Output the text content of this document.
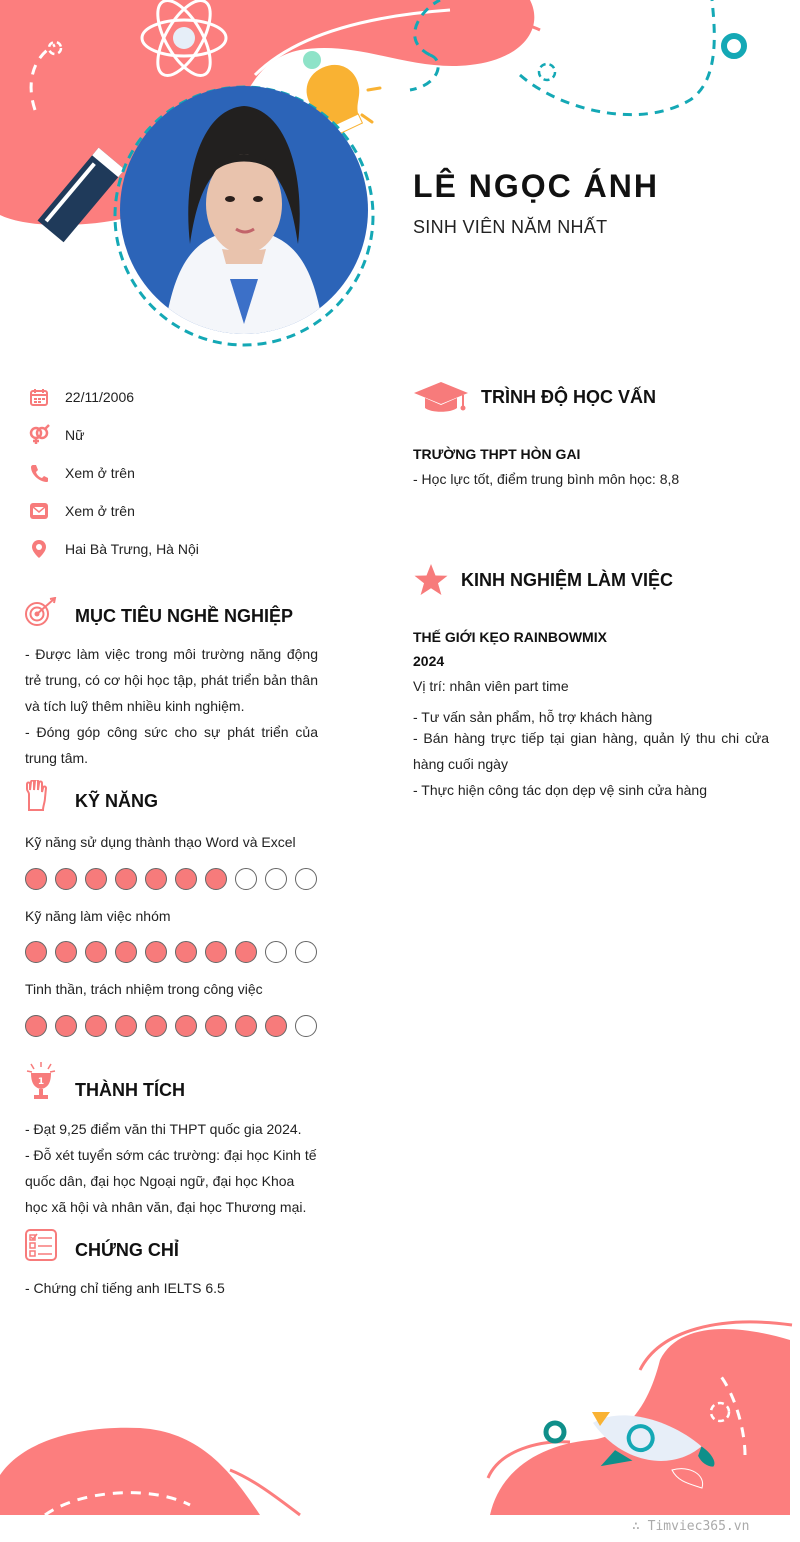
LÊ NGỌC ÁNH
SINH VIÊN NĂM NHẤT
22/11/2006
Nữ
Xem ở trên
Xem ở trên
Hai Bà Trưng, Hà Nội
MỤC TIÊU NGHỀ NGHIỆP
- Được làm việc trong môi trường năng động trẻ trung, có cơ hội học tập, phát triển bản thân và tích luỹ thêm nhiều kinh nghiệm.
- Đóng góp công sức cho sự phát triển của trung tâm.
KỸ NĂNG
Kỹ năng sử dụng thành thạo Word và Excel
Kỹ năng làm việc nhóm
Tinh thần, trách nhiệm trong công việc
1 THÀNH TÍCH
- Đạt 9,25 điểm văn thi THPT quốc gia 2024.
- Đỗ xét tuyển sớm các trường: đại học Kinh tế quốc dân, đại học Ngoại ngữ, đại học Khoa học xã hội và nhân văn, đại học Thương mại.
CHỨNG CHỈ
- Chứng chỉ tiếng anh IELTS 6.5
TRÌNH ĐỘ HỌC VẤN
TRƯỜNG THPT HÒN GAI
- Học lực tốt, điểm trung bình môn học: 8,8
KINH NGHIỆM LÀM VIỆC
THẾ GIỚI KẸO RAINBOWMIX
2024
Vị trí: nhân viên part time
- Tư vấn sản phẩm, hỗ trợ khách hàng
- Bán hàng trực tiếp tại gian hàng, quản lý thu chi cửa hàng cuối ngày
- Thực hiện công tác dọn dẹp vệ sinh cửa hàng
∴ Timviec365.vn
